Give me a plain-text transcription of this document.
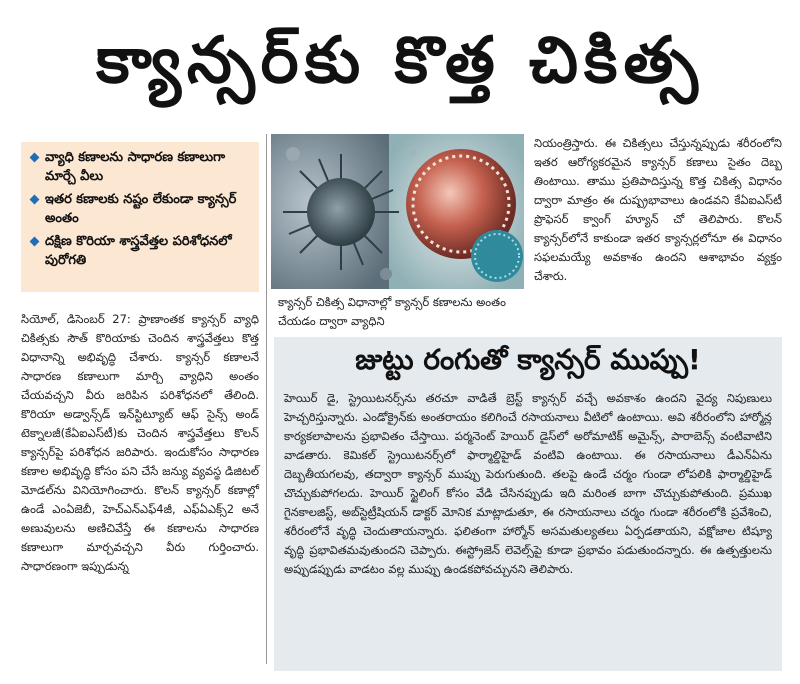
క్యాన్సర్‌కు కొత్త చికిత్స
వ్యాధి కణాలను సాధారణ కణాలుగా మార్చే వీలు
ఇతర కణాలకు నష్టం లేకుండా క్యాన్సర్ అంతం
దక్షిణ కొరియా శాస్త్రవేత్తల పరిశోధనలో పురోగతి
క్యాన్సర్ చికిత్స విధానాల్లో క్యాన్సర్ కణాలను అంతం చేయడం ద్వారా వ్యాధిని
సియోల్, డిసెంబర్ 27: ప్రాణాంతక క్యాన్సర్ వ్యాధి చికిత్సకు సౌత్ కొరియాకు చెందిన శాస్త్రవేత్తలు కొత్త విధానాన్ని అభివృద్ధి చేశారు. క్యాన్సర్ కణాలనే సాధారణ కణాలుగా మార్చి వ్యాధిని అంతం చేయవచ్చని వీరు జరిపిన పరిశోధనలో తేలింది. కొరియా అడ్వాన్స్‌డ్ ఇన్‌స్టిట్యూట్ ఆఫ్ సైన్స్ అండ్ టెక్నాలజీ(కేఏఐఎస్‌టీ)కు చెందిన శాస్త్రవేత్తలు కొలన్ క్యాన్సర్‌పై పరిశోధన జరిపారు. ఇందుకోసం సాధారణ కణాల అభివృద్ధి కోసం పని చేసే జన్యు వ్యవస్థ డిజిటల్ మోడల్‌ను వినియోగించారు. కొలన్ క్యాన్సర్ కణాల్లో ఉండే ఎంఏజెబీ, హెచ్‌ఎన్‌ఎఫ్4జీ, ఎఫ్ఏఎక్స్‌2 అనే అణువులను అణిచివేస్తే ఈ కణాలను సాధారణ కణాలుగా మార్చవచ్చని వీరు గుర్తించారు. సాధారణంగా ఇప్పుడున్న
నియంత్రిస్తారు. ఈ చికిత్సలు చేస్తున్నప్పుడు శరీరంలోని ఇతర ఆరోగ్యకరమైన క్యాన్సర్ కణాలు సైతం దెబ్బ తింటాయి. తాము ప్రతిపాదిస్తున్న కొత్త చికిత్స విధానం ద్వారా మాత్రం ఈ దుష్ప్రభావాలు ఉండవని కేఏఐఎస్‌టీ ప్రొఫెసర్ క్వాంగ్ హ్యూన్ చో తెలిపారు. కొలన్ క్యాన్సర్‌లోనే కాకుండా ఇతర క్యాన్సర్లలోనూ ఈ విధానం సఫలమయ్యే అవకాశం ఉందని ఆశాభావం వ్యక్తం చేశారు.
జుట్టు రంగుతో క్యాన్సర్ ముప్పు!
హెయిర్ డై, స్ట్రెయిటనర్స్‌ను తరచూ వాడితే బ్రెస్ట్ క్యాన్సర్ వచ్చే అవకాశం ఉందని వైద్య నిపుణులు హెచ్చరిస్తున్నారు. ఎండోక్రైన్‌కు అంతరాయం కలిగించే రసాయనాలు వీటిలో ఉంటాయి. అవి శరీరంలోని హార్మోన్ల కార్యకలాపాలను ప్రభావితం చేస్తాయి. పర్మనెంట్ హెయిర్ డైస్‌లో అరోమాటిక్ అమైన్స్, పారాబెన్స్ వంటివాటిని వాడతారు. కెమికల్ స్ట్రెయిటనర్స్‌లో ఫార్మాల్డిహైడ్ వంటివి ఉంటాయి. ఈ రసాయనాలు డీఎన్ఏను దెబ్బతీయగలవు, తద్వారా క్యాన్సర్ ముప్పు పెరుగుతుంది. తలపై ఉండే చర్మం గుండా లోపలికి ఫార్మాల్డిహైడ్ చొచ్చుకుపోగలదు. హెయిర్ స్టైలింగ్ కోసం వేడి చేసినప్పుడు ఇది మరింత బాగా చొచ్చుకుపోతుంది. ప్రముఖ గైనకాలజిస్ట్, అబ్‌స్టెట్రీషియన్ డాక్టర్ మోనిక మాట్లాడుతూ, ఈ రసాయనాలు చర్మం గుండా శరీరంలోకి ప్రవేశించి, శరీరంలోనే వృద్ధి చెందుతాయన్నారు. ఫలితంగా హార్మోన్ అసమతుల్యతలు ఏర్పడతాయని, వక్షోజాల టిష్యూ వృద్ధి ప్రభావితమవుతుందని చెప్పారు. ఈస్ట్రోజెన్ లెవెల్స్‌పై కూడా ప్రభావం పడుతుందన్నారు. ఈ ఉత్పత్తులను అప్పుడప్పుడు వాడటం వల్ల ముప్పు ఉండకపోవచ్చునని తెలిపారు.
